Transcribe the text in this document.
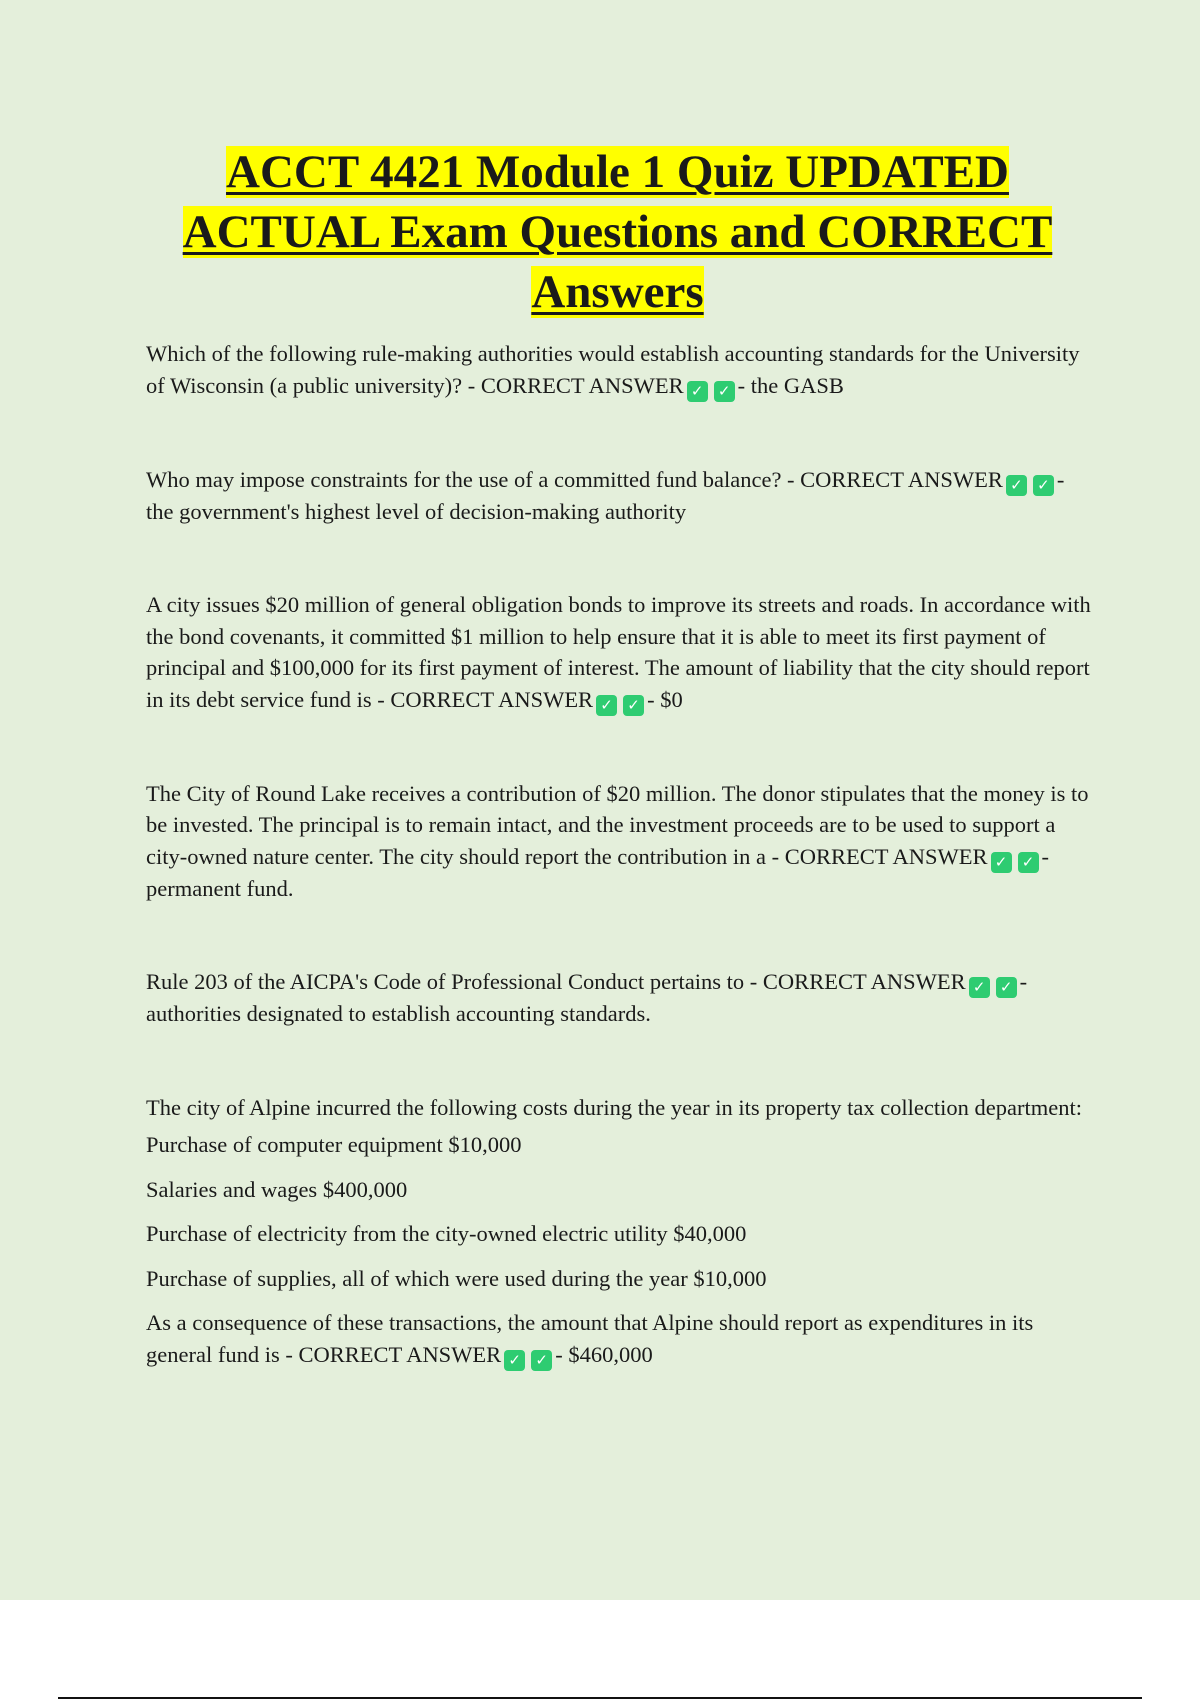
ACCT 4421 Module 1 Quiz UPDATED
ACTUAL Exam Questions and CORRECT
Answers
Which of the following rule-making authorities would establish accounting standards for the University of Wisconsin (a public university)? - CORRECT ANSWER ✓ ✓ - the GASB
Who may impose constraints for the use of a committed fund balance? - CORRECT ANSWER ✓ ✓ - the government's highest level of decision-making authority
A city issues $20 million of general obligation bonds to improve its streets and roads. In accordance with the bond covenants, it committed $1 million to help ensure that it is able to meet its first payment of principal and $100,000 for its first payment of interest. The amount of liability that the city should report in its debt service fund is - CORRECT ANSWER ✓ ✓ - $0
The City of Round Lake receives a contribution of $20 million. The donor stipulates that the money is to be invested. The principal is to remain intact, and the investment proceeds are to be used to support a city-owned nature center. The city should report the contribution in a - CORRECT ANSWER ✓ ✓ - permanent fund.
Rule 203 of the AICPA's Code of Professional Conduct pertains to - CORRECT ANSWER ✓ ✓ - authorities designated to establish accounting standards.

The city of Alpine incurred the following costs during the year in its property tax collection department:

Purchase of computer equipment $10,000

Salaries and wages $400,000

Purchase of electricity from the city-owned electric utility $40,000

Purchase of supplies, all of which were used during the year $10,000

As a consequence of these transactions, the amount that Alpine should report as expenditures in its general fund is - CORRECT ANSWER ✓ ✓ - $460,000
